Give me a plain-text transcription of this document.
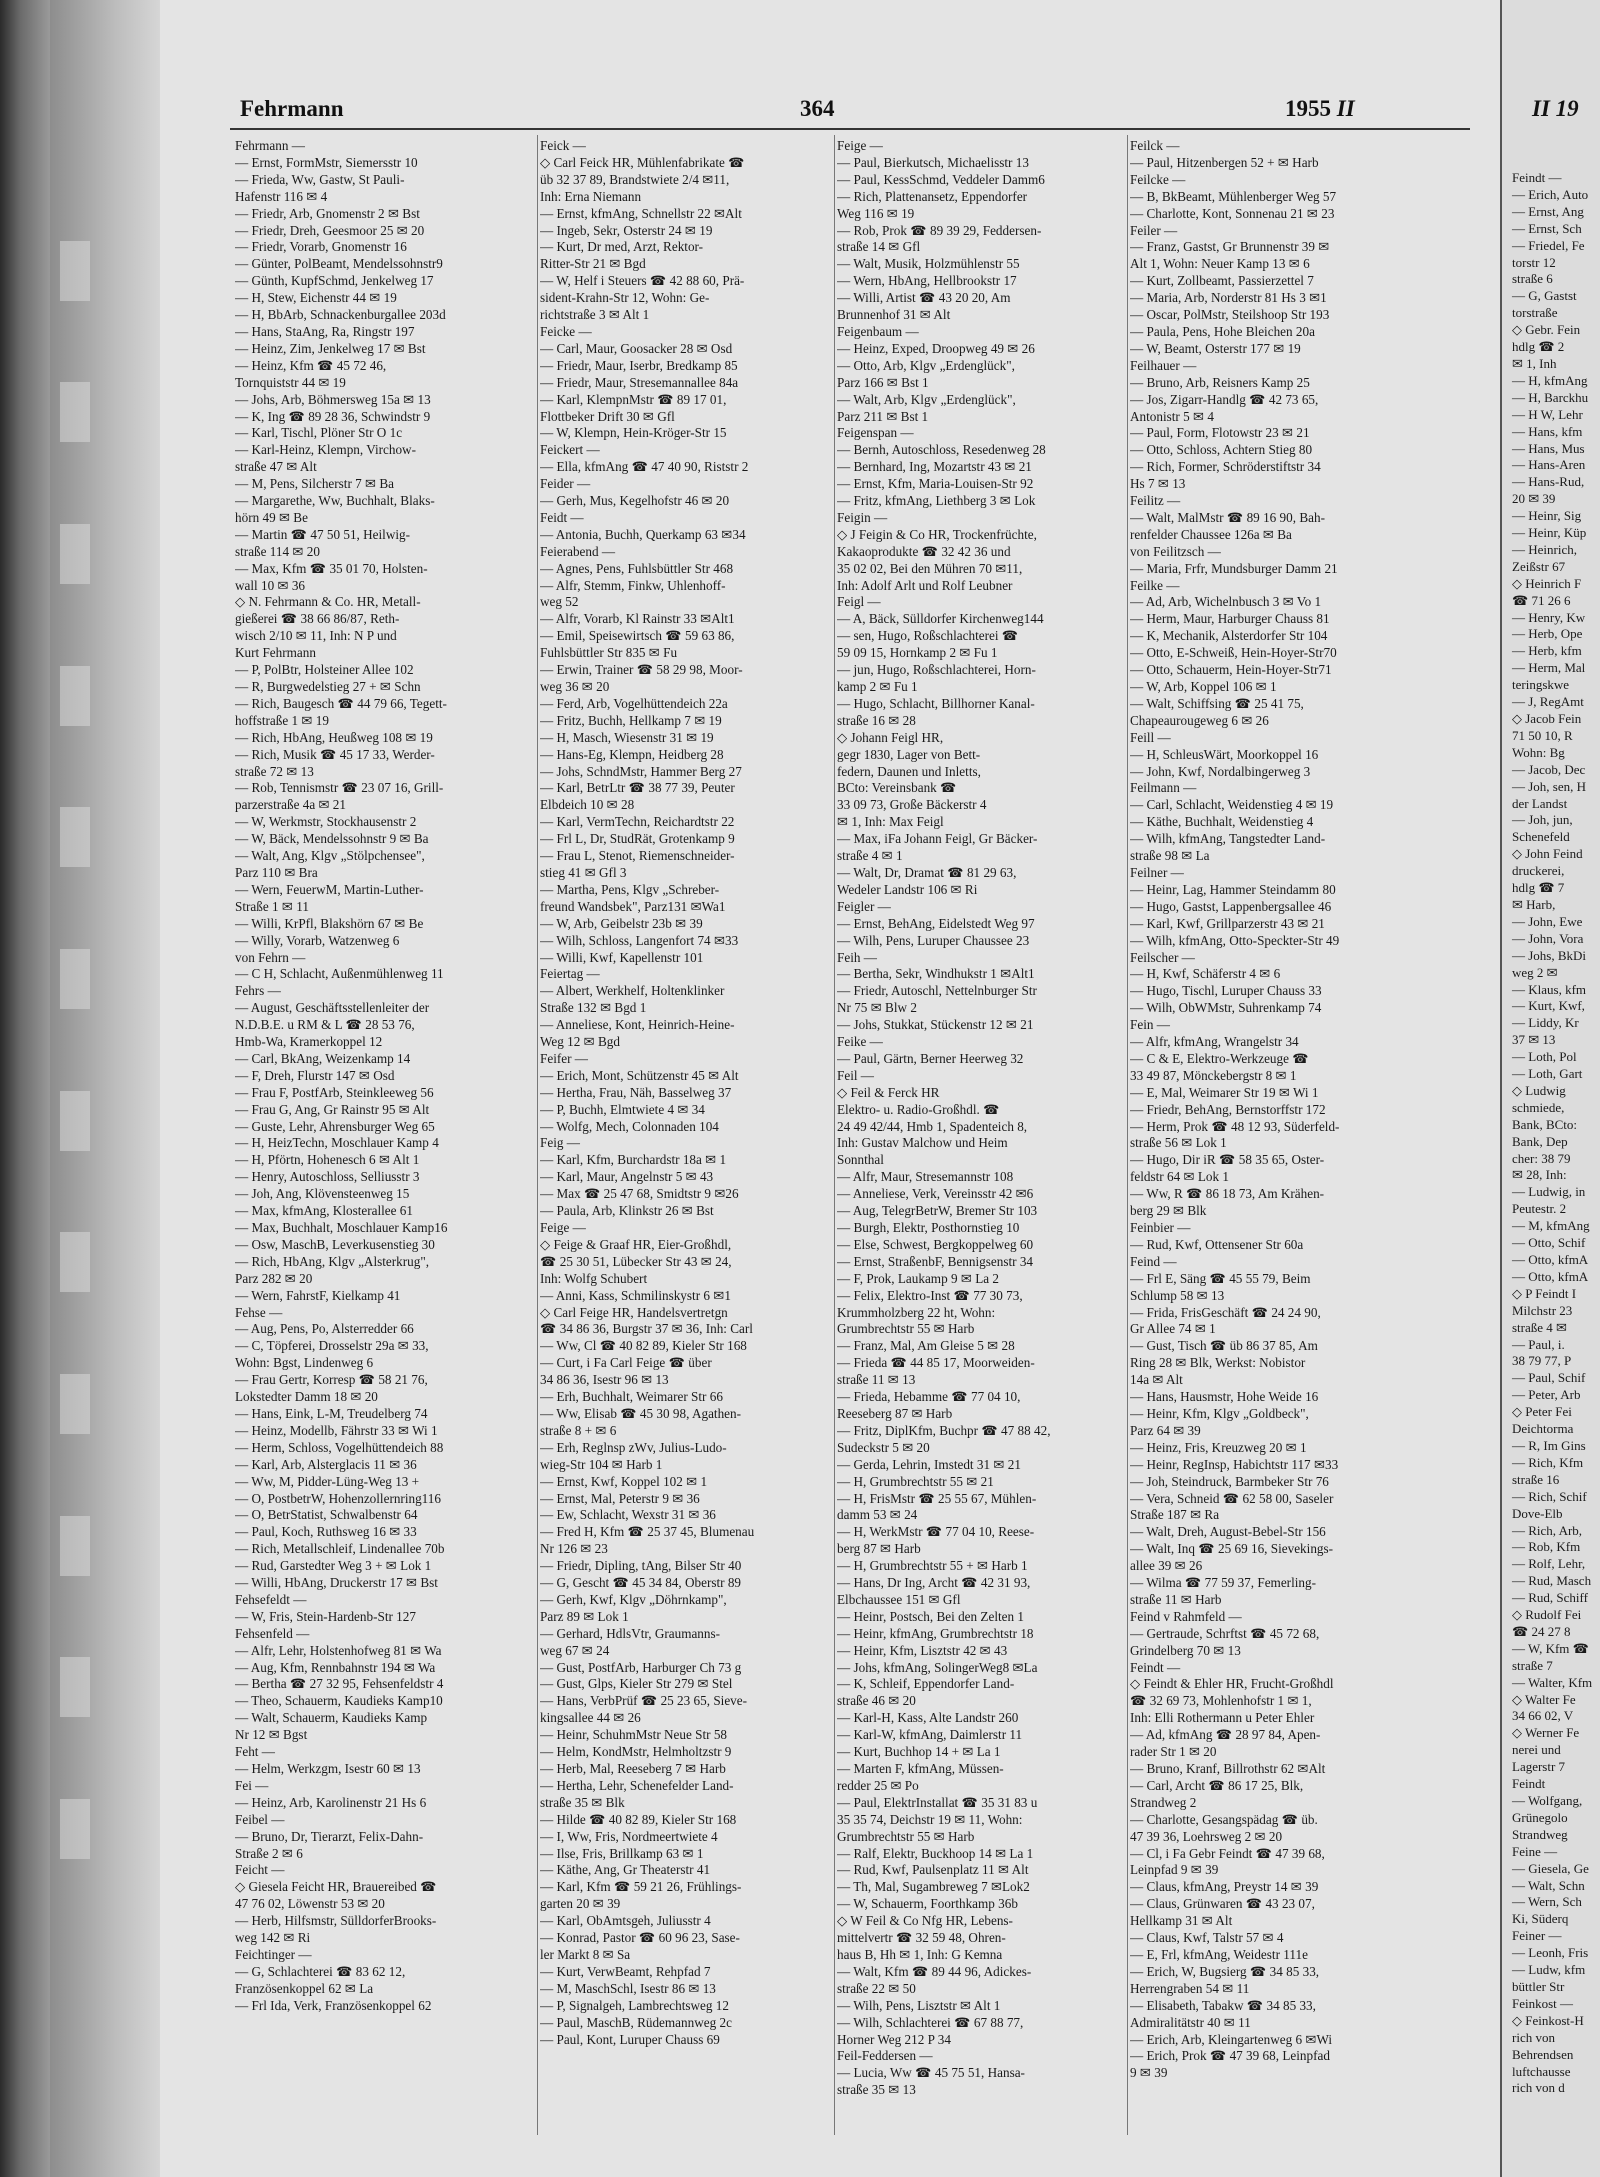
Fehrmann	364	1955 II
Fehrmann —
— Ernst, FormMstr, Siemersstr 10
— Frieda, Ww, Gastw, St Pauli-
Hafenstr 116 ✉ 4
— Friedr, Arb, Gnomenstr 2 ✉ Bst
— Friedr, Dreh, Geesmoor 25 ✉ 20
— Friedr, Vorarb, Gnomenstr 16
— Günter, PolBeamt, Mendelssohnstr9
— Günth, KupfSchmd, Jenkelweg 17
— H, Stew, Eichenstr 44 ✉ 19
— H, BbArb, Schnackenburgallee 203d
— Hans, StaAng, Ra, Ringstr 197
— Heinz, Zim, Jenkelweg 17 ✉ Bst
— Heinz, Kfm ☎ 45 72 46,
Tornquiststr 44 ✉ 19
— Johs, Arb, Böhmersweg 15a ✉ 13
— K, Ing ☎ 89 28 36, Schwindstr 9
— Karl, Tischl, Plöner Str O 1c
— Karl-Heinz, Klempn, Virchow-
straße 47 ✉ Alt
— M, Pens, Silcherstr 7 ✉ Ba
— Margarethe, Ww, Buchhalt, Blaks-
hörn 49 ✉ Be
— Martin ☎ 47 50 51, Heilwig-
straße 114 ✉ 20
— Max, Kfm ☎ 35 01 70, Holsten-
wall 10 ✉ 36
◇ N. Fehrmann & Co. HR, Metall-
gießerei ☎ 38 66 86/87, Reth-
wisch 2/10 ✉ 11, Inh: N P und
Kurt Fehrmann
— P, PolBtr, Holsteiner Allee 102
— R, Burgwedelstieg 27 + ✉ Schn
— Rich, Baugesch ☎ 44 79 66, Tegett-
hoffstraße 1 ✉ 19
— Rich, HbAng, Heußweg 108 ✉ 19
— Rich, Musik ☎ 45 17 33, Werder-
straße 72 ✉ 13
— Rob, Tennismstr ☎ 23 07 16, Grill-
parzerstraße 4a ✉ 21
— W, Werkmstr, Stockhausenstr 2
— W, Bäck, Mendelssohnstr 9 ✉ Ba
— Walt, Ang, Klgv „Stölpchensee",
Parz 110 ✉ Bra
— Wern, FeuerwM, Martin-Luther-
Straße 1 ✉ 11
— Willi, KrPfl, Blakshörn 67 ✉ Be
— Willy, Vorarb, Watzenweg 6
von Fehrn —
— C H, Schlacht, Außenmühlenweg 11
Fehrs —
— August, Geschäftsstellenleiter der
N.D.B.E. u RM & L ☎ 28 53 76,
Hmb-Wa, Kramerkoppel 12
— Carl, BkAng, Weizenkamp 14
— F, Dreh, Flurstr 147 ✉ Osd
— Frau F, PostfArb, Steinkleeweg 56
— Frau G, Ang, Gr Rainstr 95 ✉ Alt
— Guste, Lehr, Ahrensburger Weg 65
— H, HeizTechn, Moschlauer Kamp 4
— H, Pförtn, Hohenesch 6 ✉ Alt 1
— Henry, Autoschloss, Selliusstr 3
— Joh, Ang, Klövensteenweg 15
— Max, kfmAng, Klosterallee 61
— Max, Buchhalt, Moschlauer Kamp16
— Osw, MaschB, Leverkusenstieg 30
— Rich, HbAng, Klgv „Alsterkrug",
Parz 282 ✉ 20
— Wern, FahrstF, Kielkamp 41
Fehse —
— Aug, Pens, Po, Alsterredder 66
— C, Töpferei, Drosselstr 29a ✉ 33,
Wohn: Bgst, Lindenweg 6
— Frau Gertr, Korresp ☎ 58 21 76,
Lokstedter Damm 18 ✉ 20
— Hans, Eink, L-M, Treudelberg 74
— Heinz, Modellb, Fährstr 33 ✉ Wi 1
— Herm, Schloss, Vogelhüttendeich 88
— Karl, Arb, Alsterglacis 11 ✉ 36
— Ww, M, Pidder-Lüng-Weg 13 +
— O, PostbetrW, Hohenzollernring116
— O, BetrStatist, Schwalbenstr 64
— Paul, Koch, Ruthsweg 16 ✉ 33
— Rich, Metallschleif, Lindenallee 70b
— Rud, Garstedter Weg 3 + ✉ Lok 1
— Willi, HbAng, Druckerstr 17 ✉ Bst
Fehsefeldt —
— W, Fris, Stein-Hardenb-Str 127
Fehsenfeld —
— Alfr, Lehr, Holstenhofweg 81 ✉ Wa
— Aug, Kfm, Rennbahnstr 194 ✉ Wa
— Bertha ☎ 27 32 95, Fehsenfeldstr 4
— Theo, Schauerm, Kaudieks Kamp10
— Walt, Schauerm, Kaudieks Kamp
Nr 12 ✉ Bgst
Feht —
— Helm, Werkzgm, Isestr 60 ✉ 13
Fei —
— Heinz, Arb, Karolinenstr 21 Hs 6
Feibel —
— Bruno, Dr, Tierarzt, Felix-Dahn-
Straße 2 ✉ 6
Feicht —
◇ Giesela Feicht HR, Brauereibed ☎
47 76 02, Löwenstr 53 ✉ 20
— Herb, Hilfsmstr, SülldorferBrooks-
weg 142 ✉ Ri
Feichtinger —
— G, Schlachterei ☎ 83 62 12,
Französenkoppel 62 ✉ La
— Frl Ida, Verk, Französenkoppel 62
Feick —
◇ Carl Feick HR, Mühlenfabrikate ☎
üb 32 37 89, Brandstwiete 2/4 ✉11,
Inh: Erna Niemann
— Ernst, kfmAng, Schnellstr 22 ✉Alt
— Ingeb, Sekr, Osterstr 24 ✉ 19
— Kurt, Dr med, Arzt, Rektor-
Ritter-Str 21 ✉ Bgd
— W, Helf i Steuers ☎ 42 88 60, Prä-
sident-Krahn-Str 12, Wohn: Ge-
richtstraße 3 ✉ Alt 1
Feicke —
— Carl, Maur, Goosacker 28 ✉ Osd
— Friedr, Maur, Iserbr, Bredkamp 85
— Friedr, Maur, Stresemannallee 84a
— Karl, KlempnMstr ☎ 89 17 01,
Flottbeker Drift 30 ✉ Gfl
— W, Klempn, Hein-Kröger-Str 15
Feickert —
— Ella, kfmAng ☎ 47 40 90, Riststr 2
Feider —
— Gerh, Mus, Kegelhofstr 46 ✉ 20
Feidt —
— Antonia, Buchh, Querkamp 63 ✉34
Feierabend —
— Agnes, Pens, Fuhlsbüttler Str 468
— Alfr, Stemm, Finkw, Uhlenhoff-
weg 52
— Alfr, Vorarb, Kl Rainstr 33 ✉Alt1
— Emil, Speisewirtsch ☎ 59 63 86,
Fuhlsbüttler Str 835 ✉ Fu
— Erwin, Trainer ☎ 58 29 98, Moor-
weg 36 ✉ 20
— Ferd, Arb, Vogelhüttendeich 22a
— Fritz, Buchh, Hellkamp 7 ✉ 19
— H, Masch, Wiesenstr 31 ✉ 19
— Hans-Eg, Klempn, Heidberg 28
— Johs, SchndMstr, Hammer Berg 27
— Karl, BetrLtr ☎ 38 77 39, Peuter
Elbdeich 10 ✉ 28
— Karl, VermTechn, Reichardtstr 22
— Frl L, Dr, StudRät, Grotenkamp 9
— Frau L, Stenot, Riemenschneider-
stieg 41 ✉ Gfl 3
— Martha, Pens, Klgv „Schreber-
freund Wandsbek", Parz131 ✉Wa1
— W, Arb, Geibelstr 23b ✉ 39
— Wilh, Schloss, Langenfort 74 ✉33
— Willi, Kwf, Kapellenstr 101
Feiertag —
— Albert, Werkhelf, Holtenklinker
Straße 132 ✉ Bgd 1
— Anneliese, Kont, Heinrich-Heine-
Weg 12 ✉ Bgd
Feifer —
— Erich, Mont, Schützenstr 45 ✉ Alt
— Hertha, Frau, Näh, Basselweg 37
— P, Buchh, Elmtwiete 4 ✉ 34
— Wolfg, Mech, Colonnaden 104
Feig —
— Karl, Kfm, Burchardstr 18a ✉ 1
— Karl, Maur, Angelnstr 5 ✉ 43
— Max ☎ 25 47 68, Smidtstr 9 ✉26
— Paula, Arb, Klinkstr 26 ✉ Bst
Feige —
◇ Feige & Graaf HR, Eier-Großhdl,
☎ 25 30 51, Lübecker Str 43 ✉ 24,
Inh: Wolfg Schubert
— Anni, Kass, Schmilinskystr 6 ✉1
◇ Carl Feige HR, Handelsvertretgn
☎ 34 86 36, Burgstr 37 ✉ 36, Inh: Carl
— Ww, Cl ☎ 40 82 89, Kieler Str 168
— Curt, i Fa Carl Feige ☎ über
34 86 36, Isestr 96 ✉ 13
— Erh, Buchhalt, Weimarer Str 66
— Ww, Elisab ☎ 45 30 98, Agathen-
straße 8 + ✉ 6
— Erh, Reglnsp zWv, Julius-Ludo-
wieg-Str 104 ✉ Harb 1
— Ernst, Kwf, Koppel 102 ✉ 1
— Ernst, Mal, Peterstr 9 ✉ 36
— Ew, Schlacht, Wexstr 31 ✉ 36
— Fred H, Kfm ☎ 25 37 45, Blumenau
Nr 126 ✉ 23
— Friedr, Dipling, tAng, Bilser Str 40
— G, Gescht ☎ 45 34 84, Oberstr 89
— Gerh, Kwf, Klgv „Döhrnkamp",
Parz 89 ✉ Lok 1
— Gerhard, HdlsVtr, Graumanns-
weg 67 ✉ 24
— Gust, PostfArb, Harburger Ch 73 g
— Gust, Glps, Kieler Str 279 ✉ Stel
— Hans, VerbPrüf ☎ 25 23 65, Sieve-
kingsallee 44 ✉ 26
— Heinr, SchuhmMstr Neue Str 58
— Helm, KondMstr, Helmholtzstr 9
— Herb, Mal, Reeseberg 7 ✉ Harb
— Hertha, Lehr, Schenefelder Land-
straße 35 ✉ Blk
— Hilde ☎ 40 82 89, Kieler Str 168
— I, Ww, Fris, Nordmeertwiete 4
— Ilse, Fris, Brillkamp 63 ✉ 1
— Käthe, Ang, Gr Theaterstr 41
— Karl, Kfm ☎ 59 21 26, Frühlings-
garten 20 ✉ 39
— Karl, ObAmtsgeh, Juliusstr 4
— Konrad, Pastor ☎ 60 96 23, Sase-
ler Markt 8 ✉ Sa
— Kurt, VerwBeamt, Rehpfad 7
— M, MaschSchl, Isestr 86 ✉ 13
— P, Signalgeh, Lambrechtsweg 12
— Paul, MaschB, Rüdemannweg 2c
— Paul, Kont, Luruper Chauss 69
Feige —
— Paul, Bierkutsch, Michaelisstr 13
— Paul, KessSchmd, Veddeler Damm6
— Rich, Plattenansetz, Eppendorfer
Weg 116 ✉ 19
— Rob, Prok ☎ 89 39 29, Feddersen-
straße 14 ✉ Gfl
— Walt, Musik, Holzmühlenstr 55
— Wern, HbAng, Hellbrookstr 17
— Willi, Artist ☎ 43 20 20, Am
Brunnenhof 31 ✉ Alt
Feigenbaum —
— Heinz, Exped, Droopweg 49 ✉ 26
— Otto, Arb, Klgv „Erdenglück",
Parz 166 ✉ Bst 1
— Walt, Arb, Klgv „Erdenglück",
Parz 211 ✉ Bst 1
Feigenspan —
— Bernh, Autoschloss, Resedenweg 28
— Bernhard, Ing, Mozartstr 43 ✉ 21
— Ernst, Kfm, Maria-Louisen-Str 92
— Fritz, kfmAng, Liethberg 3 ✉ Lok
Feigin —
◇ J Feigin & Co HR, Trockenfrüchte,
Kakaoprodukte ☎ 32 42 36 und
35 02 02, Bei den Mühren 70 ✉11,
Inh: Adolf Arlt und Rolf Leubner
Feigl —
— A, Bäck, Sülldorfer Kirchenweg144
— sen, Hugo, Roßschlachterei ☎
59 09 15, Hornkamp 2 ✉ Fu 1
— jun, Hugo, Roßschlachterei, Horn-
kamp 2 ✉ Fu 1
— Hugo, Schlacht, Billhorner Kanal-
straße 16 ✉ 28
◇ Johann Feigl HR,
gegr 1830, Lager von Bett-
federn, Daunen und Inletts,
BCto: Vereinsbank ☎
33 09 73, Große Bäckerstr 4
✉ 1, Inh: Max Feigl
— Max, iFa Johann Feigl, Gr Bäcker-
straße 4 ✉ 1
— Walt, Dr, Dramat ☎ 81 29 63,
Wedeler Landstr 106 ✉ Ri
Feigler —
— Ernst, BehAng, Eidelstedt Weg 97
— Wilh, Pens, Luruper Chaussee 23
Feih —
— Bertha, Sekr, Windhukstr 1 ✉Alt1
— Friedr, Autoschl, Nettelnburger Str
Nr 75 ✉ Blw 2
— Johs, Stukkat, Stückenstr 12 ✉ 21
Feike —
— Paul, Gärtn, Berner Heerweg 32
Feil —
◇ Feil & Ferck HR
Elektro- u. Radio-Großhdl. ☎
24 49 42/44, Hmb 1, Spadenteich 8,
Inh: Gustav Malchow und Heim
Sonnthal
— Alfr, Maur, Stresemannstr 108
— Anneliese, Verk, Vereinsstr 42 ✉6
— Aug, TelegrBetrW, Bremer Str 103
— Burgh, Elektr, Posthornstieg 10
— Else, Schwest, Bergkoppelweg 60
— Ernst, StraßenbF, Bennigsenstr 34
— F, Prok, Laukamp 9 ✉ La 2
— Felix, Elektro-Inst ☎ 77 30 73,
Krummholzberg 22 ht, Wohn:
Grumbrechtstr 55 ✉ Harb
— Franz, Mal, Am Gleise 5 ✉ 28
— Frieda ☎ 44 85 17, Moorweiden-
straße 11 ✉ 13
— Frieda, Hebamme ☎ 77 04 10,
Reeseberg 87 ✉ Harb
— Fritz, DiplKfm, Buchpr ☎ 47 88 42,
Sudeckstr 5 ✉ 20
— Gerda, Lehrin, Imstedt 31 ✉ 21
— H, Grumbrechtstr 55 ✉ 21
— H, FrisMstr ☎ 25 55 67, Mühlen-
damm 53 ✉ 24
— H, WerkMstr ☎ 77 04 10, Reese-
berg 87 ✉ Harb
— H, Grumbrechtstr 55 + ✉ Harb 1
— Hans, Dr Ing, Archt ☎ 42 31 93,
Elbchaussee 151 ✉ Gfl
— Heinr, Postsch, Bei den Zelten 1
— Heinr, kfmAng, Grumbrechtstr 18
— Heinr, Kfm, Lisztstr 42 ✉ 43
— Johs, kfmAng, SolingerWeg8 ✉La
— K, Schleif, Eppendorfer Land-
straße 46 ✉ 20
— Karl-H, Kass, Alte Landstr 260
— Karl-W, kfmAng, Daimlerstr 11
— Kurt, Buchhop 14 + ✉ La 1
— Marten F, kfmAng, Müssen-
redder 25 ✉ Po
— Paul, ElektrInstallat ☎ 35 31 83 u
35 35 74, Deichstr 19 ✉ 11, Wohn:
Grumbrechtstr 55 ✉ Harb
— Ralf, Elektr, Buckhoop 14 ✉ La 1
— Rud, Kwf, Paulsenplatz 11 ✉ Alt
— Th, Mal, Sugambreweg 7 ✉Lok2
— W, Schauerm, Foorthkamp 36b
◇ W Feil & Co Nfg HR, Lebens-
mittelvertr ☎ 32 59 48, Ohren-
haus B, Hh ✉ 1, Inh: G Kemna
— Walt, Kfm ☎ 89 44 96, Adickes-
straße 22 ✉ 50
— Wilh, Pens, Lisztstr ✉ Alt 1
— Wilh, Schlachterei ☎ 67 88 77,
Horner Weg 212 P 34
Feil-Feddersen —
— Lucia, Ww ☎ 45 75 51, Hansa-
straße 35 ✉ 13
Feilck —
— Paul, Hitzenbergen 52 + ✉ Harb
Feilcke —
— B, BkBeamt, Mühlenberger Weg 57
— Charlotte, Kont, Sonnenau 21 ✉ 23
Feiler —
— Franz, Gastst, Gr Brunnenstr 39 ✉
Alt 1, Wohn: Neuer Kamp 13 ✉ 6
— Kurt, Zollbeamt, Passierzettel 7
— Maria, Arb, Norderstr 81 Hs 3 ✉1
— Oscar, PolMstr, Steilshoop Str 193
— Paula, Pens, Hohe Bleichen 20a
— W, Beamt, Osterstr 177 ✉ 19
Feilhauer —
— Bruno, Arb, Reisners Kamp 25
— Jos, Zigarr-Handlg ☎ 42 73 65,
Antonistr 5 ✉ 4
— Paul, Form, Flotowstr 23 ✉ 21
— Otto, Schloss, Achtern Stieg 80
— Rich, Former, Schröderstiftstr 34
Hs 7 ✉ 13
Feilitz —
— Walt, MalMstr ☎ 89 16 90, Bah-
renfelder Chaussee 126a ✉ Ba
von Feilitzsch —
— Maria, Frfr, Mundsburger Damm 21
Feilke —
— Ad, Arb, Wichelnbusch 3 ✉ Vo 1
— Herm, Maur, Harburger Chauss 81
— K, Mechanik, Alsterdorfer Str 104
— Otto, E-Schweiß, Hein-Hoyer-Str70
— Otto, Schauerm, Hein-Hoyer-Str71
— W, Arb, Koppel 106 ✉ 1
— Walt, Schiffsing ☎ 25 41 75,
Chapeaurougeweg 6 ✉ 26
Feill —
— H, SchleusWärt, Moorkoppel 16
— John, Kwf, Nordalbingerweg 3
Feilmann —
— Carl, Schlacht, Weidenstieg 4 ✉ 19
— Käthe, Buchhalt, Weidenstieg 4
— Wilh, kfmAng, Tangstedter Land-
straße 98 ✉ La
Feilner —
— Heinr, Lag, Hammer Steindamm 80
— Hugo, Gastst, Lappenbergsallee 46
— Karl, Kwf, Grillparzerstr 43 ✉ 21
— Wilh, kfmAng, Otto-Speckter-Str 49
Feilscher —
— H, Kwf, Schäferstr 4 ✉ 6
— Hugo, Tischl, Luruper Chauss 33
— Wilh, ObWMstr, Suhrenkamp 74
Fein —
— Alfr, kfmAng, Wrangelstr 34
— C & E, Elektro-Werkzeuge ☎
33 49 87, Mönckebergstr 8 ✉ 1
— E, Mal, Weimarer Str 19 ✉ Wi 1
— Friedr, BehAng, Bernstorffstr 172
— Herm, Prok ☎ 48 12 93, Süderfeld-
straße 56 ✉ Lok 1
— Hugo, Dir iR ☎ 58 35 65, Oster-
feldstr 64 ✉ Lok 1
— Ww, R ☎ 86 18 73, Am Krähen-
berg 29 ✉ Blk
Feinbier —
— Rud, Kwf, Ottensener Str 60a
Feind —
— Frl E, Säng ☎ 45 55 79, Beim
Schlump 58 ✉ 13
— Frida, FrisGeschäft ☎ 24 24 90,
Gr Allee 74 ✉ 1
— Gust, Tisch ☎ üb 86 37 85, Am
Ring 28 ✉ Blk, Werkst: Nobistor
14a ✉ Alt
— Hans, Hausmstr, Hohe Weide 16
— Heinr, Kfm, Klgv „Goldbeck",
Parz 64 ✉ 39
— Heinz, Fris, Kreuzweg 20 ✉ 1
— Heinr, RegInsp, Habichtstr 117 ✉33
— Joh, Steindruck, Barmbeker Str 76
— Vera, Schneid ☎ 62 58 00, Saseler
Straße 187 ✉ Ra
— Walt, Dreh, August-Bebel-Str 156
— Walt, Inq ☎ 25 69 16, Sievekings-
allee 39 ✉ 26
— Wilma ☎ 77 59 37, Femerling-
straße 11 ✉ Harb
Feind v Rahmfeld —
— Gertraude, Schrftst ☎ 45 72 68,
Grindelberg 70 ✉ 13
Feindt —
◇ Feindt & Ehler HR, Frucht-Großhdl
☎ 32 69 73, Mohlenhofstr 1 ✉ 1,
Inh: Elli Rothermann u Peter Ehler
— Ad, kfmAng ☎ 28 97 84, Apen-
rader Str 1 ✉ 20
— Bruno, Kranf, Billrothstr 62 ✉Alt
— Carl, Archt ☎ 86 17 25, Blk,
Strandweg 2
— Charlotte, Gesangspädag ☎ üb.
47 39 36, Loehrsweg 2 ✉ 20
— Cl, i Fa Gebr Feindt ☎ 47 39 68,
Leinpfad 9 ✉ 39
— Claus, kfmAng, Preystr 14 ✉ 39
— Claus, Grünwaren ☎ 43 23 07,
Hellkamp 31 ✉ Alt
— Claus, Kwf, Talstr 57 ✉ 4
— E, Frl, kfmAng, Weidestr 111e
— Erich, W, Bugsierg ☎ 34 85 33,
Herrengraben 54 ✉ 11
— Elisabeth, Tabakw ☎ 34 85 33,
Admiralitätstr 40 ✉ 11
— Erich, Arb, Kleingartenweg 6 ✉Wi
— Erich, Prok ☎ 47 39 68, Leinpfad
9 ✉ 39
II 19
Feindt —
— Erich, Auto
— Ernst, Ang
— Ernst, Sch
— Friedel, Fe
torstr 12
straße 6
— G, Gastst
torstraße
◇ Gebr. Fein
hdlg ☎ 2
✉ 1, Inh
— H, kfmAng
— H, Barckhu
— H W, Lehr
— Hans, kfm
— Hans, Mus
— Hans-Aren
— Hans-Rud,
20 ✉ 39
— Heinr, Sig
— Heinr, Küp
— Heinrich,
Zeißstr 67
◇ Heinrich F
☎ 71 26 6
— Henry, Kw
— Herb, Ope
— Herb, kfm
— Herm, Mal
teringskwe
— J, RegAmt
◇ Jacob Fein
71 50 10, R
Wohn: Bg
— Jacob, Dec
— Joh, sen, H
der Landst
— Joh, jun,
Schenefeld
◇ John Feind
druckerei,
hdlg ☎ 7
✉ Harb,
— John, Ewe
— John, Vora
— Johs, BkDi
weg 2 ✉
— Klaus, kfm
— Kurt, Kwf,
— Liddy, Kr
37 ✉ 13
— Loth, Pol
— Loth, Gart
◇ Ludwig
schmiede,
Bank, BCto:
Bank, Dep
cher: 38 79
✉ 28, Inh:
— Ludwig, in
Peutestr. 2
— M, kfmAng
— Otto, Schif
— Otto, kfmA
— Otto, kfmA
◇ P Feindt I
Milchstr 23
straße 4 ✉
— Paul, i.
38 79 77, P
— Paul, Schif
— Peter, Arb
◇ Peter Fei
Deichtorma
— R, Im Gins
— Rich, Kfm
straße 16
— Rich, Schif
Dove-Elb
— Rich, Arb,
— Rob, Kfm
— Rolf, Lehr,
— Rud, Masch
— Rud, Schiff
◇ Rudolf Fei
☎ 24 27 8
— W, Kfm ☎
straße 7
— Walter, Kfm
◇ Walter Fe
34 66 02, V
◇ Werner Fe
nerei und
Lagerstr 7
Feindt
— Wolfgang,
Grünegolo
Strandweg
Feine —
— Giesela, Ge
— Walt, Schn
— Wern, Sch
Ki, Süderq
Feiner —
— Leonh, Fris
— Ludw, kfm
büttler Str
Feinkost —
◇ Feinkost-H
rich von
Behrendsen
luftchausse
rich von d
